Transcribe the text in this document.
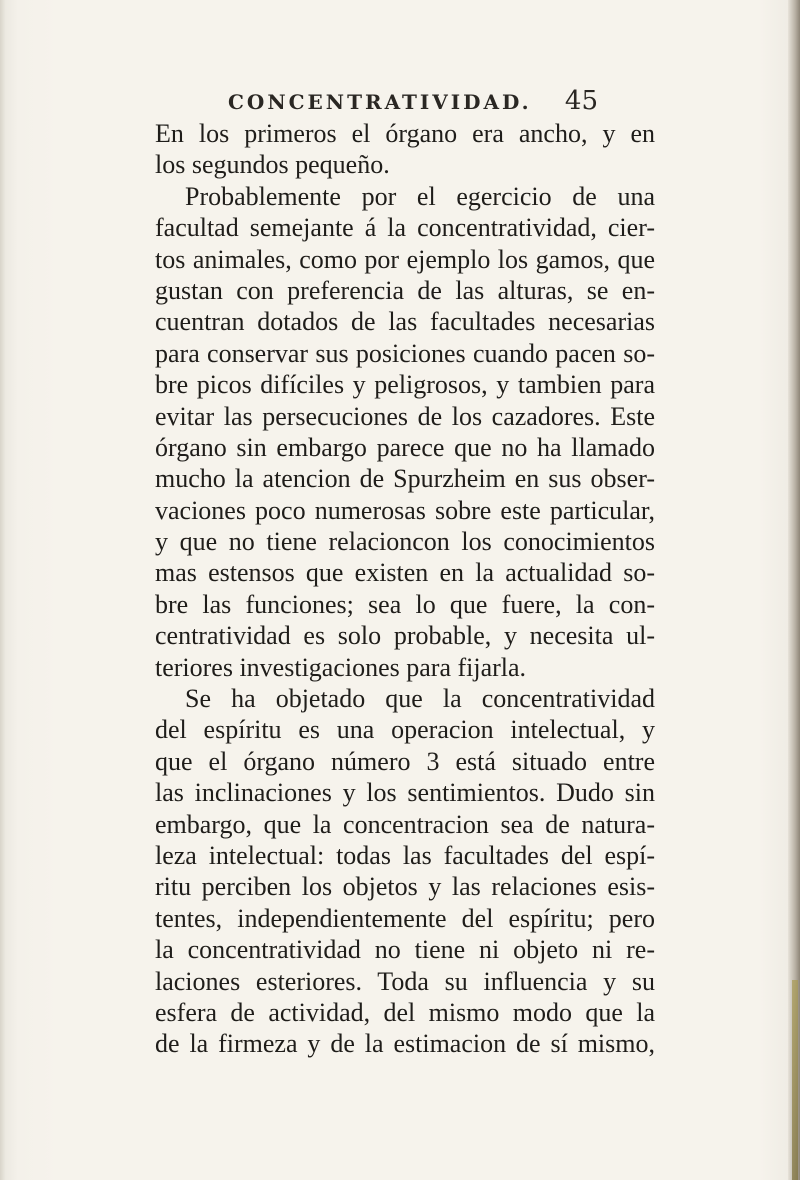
CONCENTRATIVIDAD. 45
En los primeros el órgano era ancho, y en
los segundos pequeño.
Probablemente por el egercicio de una
facultad semejante á la concentratividad, cier-
tos animales, como por ejemplo los gamos, que
gustan con preferencia de las alturas, se en-
cuentran dotados de las facultades necesarias
para conservar sus posiciones cuando pacen so-
bre picos difíciles y peligrosos, y tambien para
evitar las persecuciones de los cazadores. Este
órgano sin embargo parece que no ha llamado
mucho la atencion de Spurzheim en sus obser-
vaciones poco numerosas sobre este particular,
y que no tiene relacioncon los conocimientos
mas estensos que existen en la actualidad so-
bre las funciones; sea lo que fuere, la con-
centratividad es solo probable, y necesita ul-
teriores investigaciones para fijarla.
Se ha objetado que la concentratividad
del espíritu es una operacion intelectual, y
que el órgano número 3 está situado entre
las inclinaciones y los sentimientos. Dudo sin
embargo, que la concentracion sea de natura-
leza intelectual: todas las facultades del espí-
ritu perciben los objetos y las relaciones esis-
tentes, independientemente del espíritu; pero
la concentratividad no tiene ni objeto ni re-
laciones esteriores. Toda su influencia y su
esfera de actividad, del mismo modo que la
de la firmeza y de la estimacion de sí mismo,
